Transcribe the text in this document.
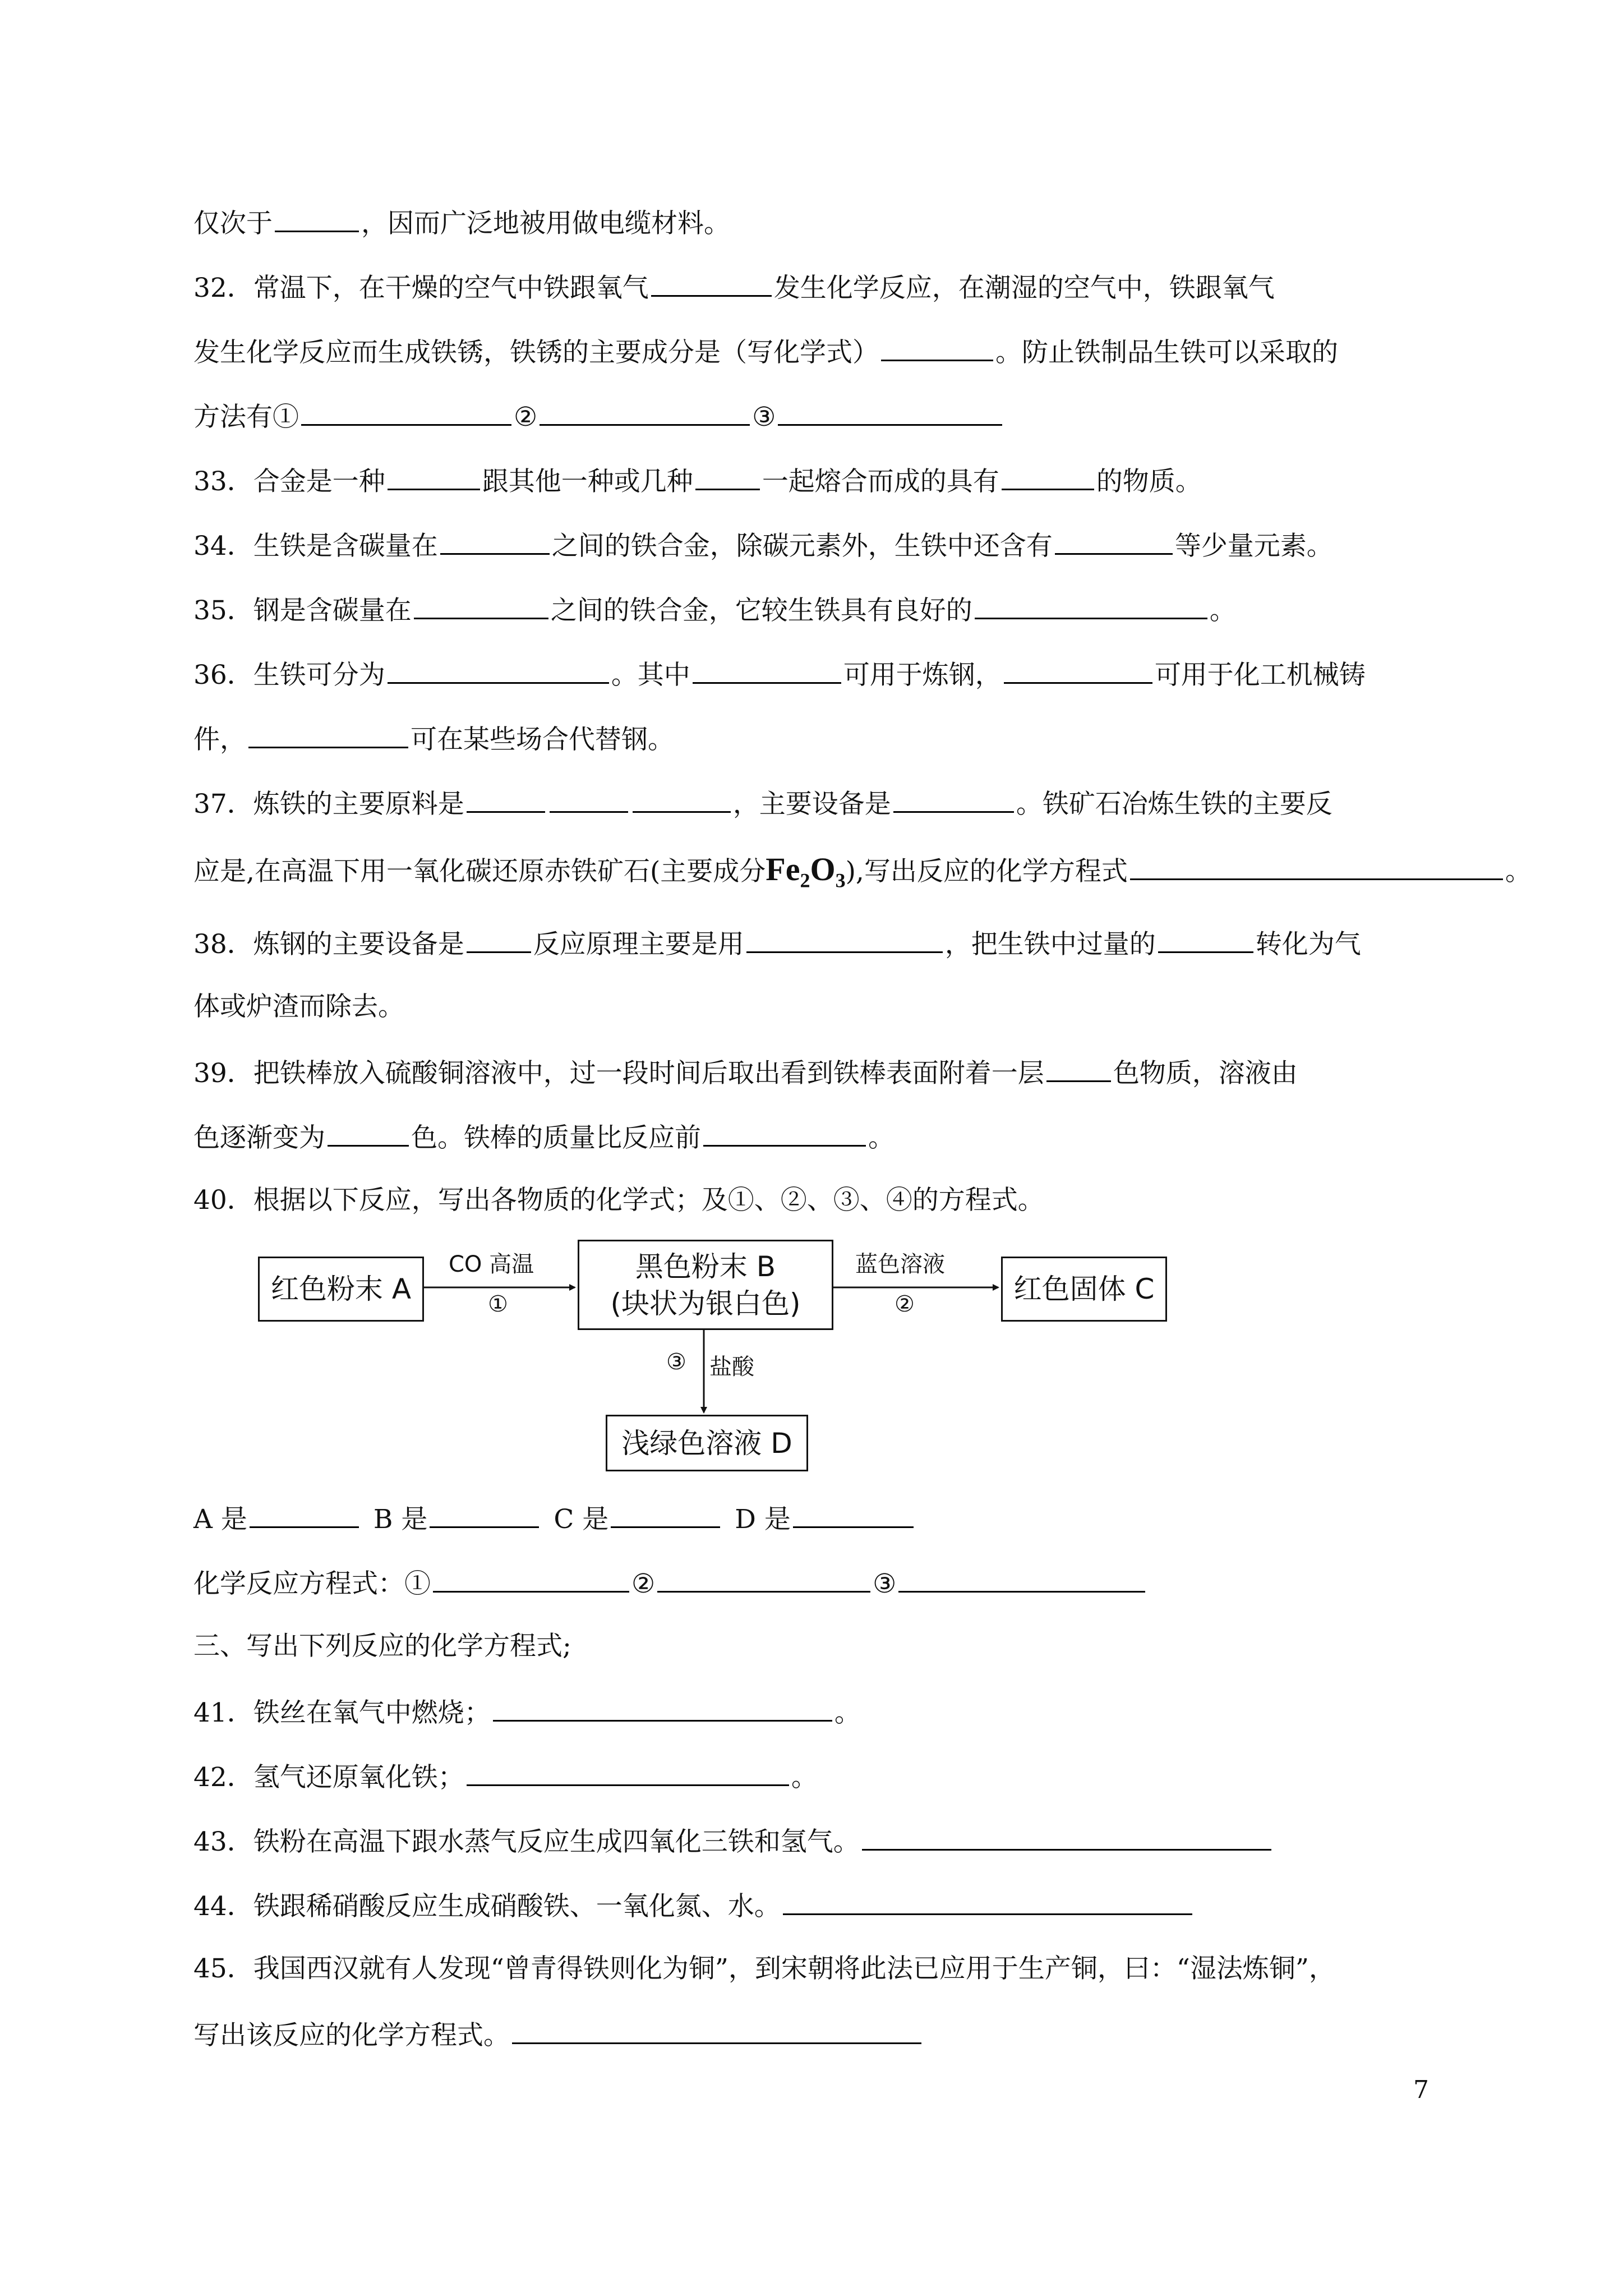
仅次于	，因而广泛地被用做电缆材料。
32．常温下，在干燥的空气中铁跟氧气	发生化学反应，在潮湿的空气中，铁跟氧气
发生化学反应而生成铁锈，铁锈的主要成分是（写化学式）	。防止铁制品生铁可以采取的
方法有①	②	③
33．合金是一种	跟其他一种或几种	一起熔合而成的具有	的物质。
34．生铁是含碳量在	之间的铁合金，除碳元素外，生铁中还含有	等少量元素。
35．钢是含碳量在	之间的铁合金，它较生铁具有良好的	。
36．生铁可分为	。其中	可用于炼钢，	可用于化工机械铸
件，	可在某些场合代替钢。
37．炼铁的主要原料是	，主要设备是	。铁矿石冶炼生铁的主要反
应是,在高温下用一氧化碳还原赤铁矿石(主要成分$Fe_2O_3$),写出反应的化学方程式	。
38．炼钢的主要设备是	反应原理主要是用	，把生铁中过量的	转化为气
体或炉渣而除去。
39．把铁棒放入硫酸铜溶液中，过一段时间后取出看到铁棒表面附着一层	色物质，溶液由
色逐渐变为	色。铁棒的质量比反应前	。
40．根据以下反应，写出各物质的化学式；及①、②、③、④的方程式。
红色粉末 A
黑色粉末 B
(块状为银白色)	红色固体 C
浅绿色溶液 D
CO 高温
①
蓝色溶液
②
③ 盐酸
A 是	B 是	C 是	D 是
化学反应方程式：①	②	③
三、写出下列反应的化学方程式;
41．铁丝在氧气中燃烧；	。
42．氢气还原氧化铁；	。
43．铁粉在高温下跟水蒸气反应生成四氧化三铁和氢气。
44．铁跟稀硝酸反应生成硝酸铁、一氧化氮、水。
45．我国西汉就有人发现“曾青得铁则化为铜”，到宋朝将此法已应用于生产铜，曰：“湿法炼铜”，
写出该反应的化学方程式。
7
